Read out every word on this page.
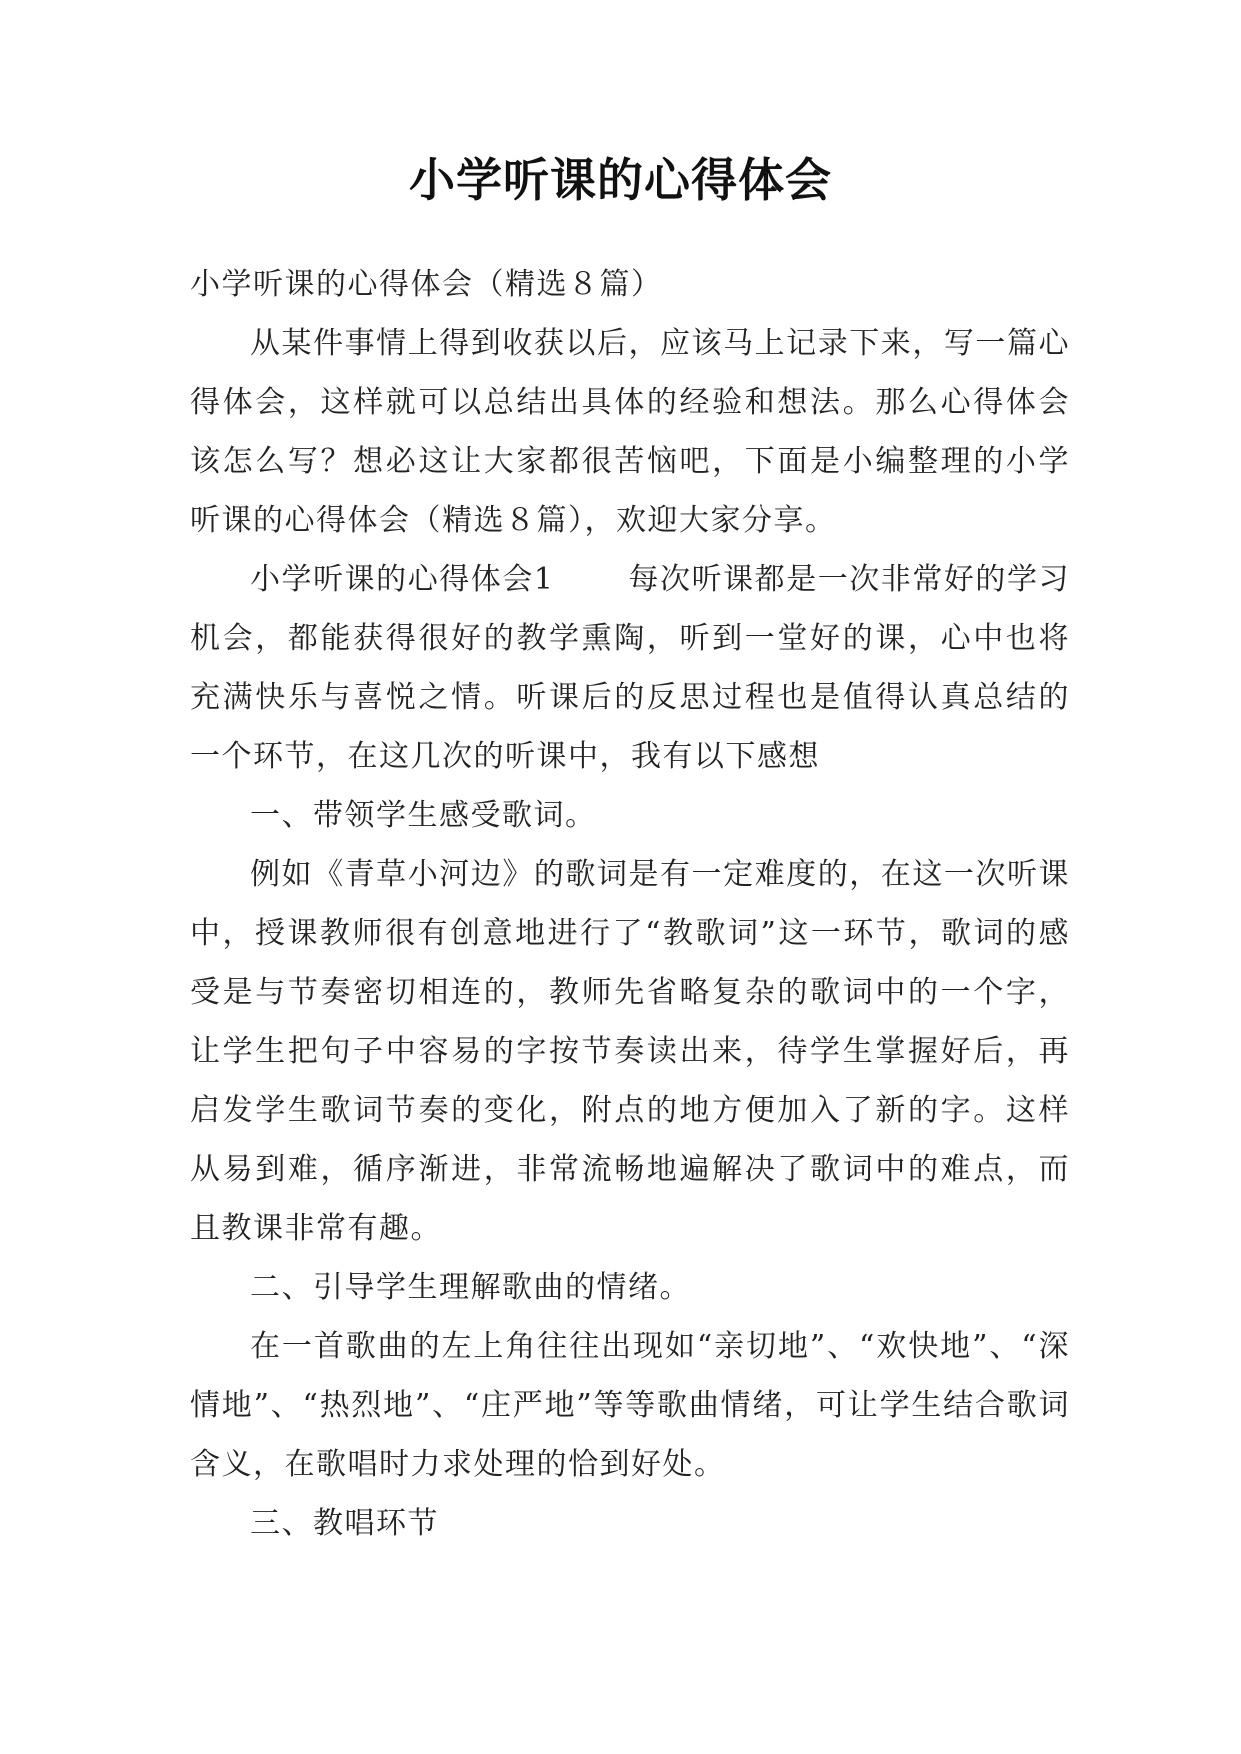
小学听课的心得体会

小学听课的心得体会（精选８篇）

从某件事情上得到收获以后，应该马上记录下来，写一篇心得体会，这样就可以总结出具体的经验和想法。那么心得体会该怎么写？想必这让大家都很苦恼吧，下面是小编整理的小学听课的心得体会（精选８篇），欢迎大家分享。

小学听课的心得体会1 每次听课都是一次非常好的学习机会，都能获得很好的教学熏陶，听到一堂好的课，心中也将充满快乐与喜悦之情。听课后的反思过程也是值得认真总结的一个环节，在这几次的听课中，我有以下感想

一、带领学生感受歌词。

例如《青草小河边》的歌词是有一定难度的，在这一次听课中，授课教师很有创意地进行了“教歌词”这一环节，歌词的感受是与节奏密切相连的，教师先省略复杂的歌词中的一个字，让学生把句子中容易的字按节奏读出来，待学生掌握好后，再启发学生歌词节奏的变化，附点的地方便加入了新的字。这样从易到难，循序渐进，非常流畅地遍解决了歌词中的难点，而且教课非常有趣。

二、引导学生理解歌曲的情绪。

在一首歌曲的左上角往往出现如“亲切地”、“欢快地”、“深情地”、“热烈地”、“庄严地”等等歌曲情绪，可让学生结合歌词含义，在歌唱时力求处理的恰到好处。

三、教唱环节
